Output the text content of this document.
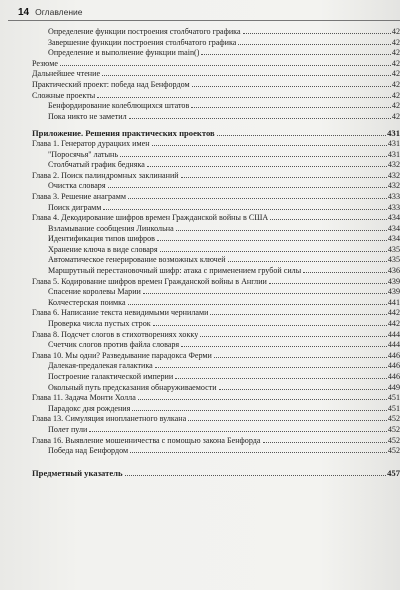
14 Оглавление
Определение функции построения столбчатого графика	42
Завершение функции построения столбчатого графика	42
Определение и выполнение функции main()	42
Резюме	42
Дальнейшее чтение	42
Практический проект: победа над Бенфордом	42
Сложные проекты	42
Бенфордирование колеблющихся штатов	42
Пока никто не заметил	42
Приложение. Решения практических проектов	431
Глава 1. Генератор дурацких имен	431
"Поросячья" латынь	431
Столбчатый график бедняка	432
Глава 2. Поиск палиндромных заклинаний	432
Очистка словаря	432
Глава 3. Решение анаграмм	433
Поиск диграмм	433
Глава 4. Декодирование шифров времен Гражданской войны в США	434
Взламывание сообщения Линкольна	434
Идентификация типов шифров	434
Хранение ключа в виде словаря	435
Автоматическое генерирование возможных ключей	435
Маршрутный перестановочный шифр: атака с применением грубой силы	436
Глава 5. Кодирование шифров времен Гражданской войны в Англии	439
Спасение королевы Марии	439
Колчестерская поимка	441
Глава 6. Написание текста невидимыми чернилами	442
Проверка числа пустых строк	442
Глава 8. Подсчет слогов в стихотворениях хокку	444
Счетчик слогов против файла словаря	444
Глава 10. Мы одни? Разведывание парадокса Ферми	446
Далекая-предалекая галактика	446
Построение галактической империи	446
Окольный путь предсказания обнаруживаемости	449
Глава 11. Задача Монти Холла	451
Парадокс дня рождения	451
Глава 13. Симуляция инопланетного вулкана	452
Полет пули	452
Глава 16. Выявление мошенничества с помощью закона Бенфорда	452
Победа над Бенфордом	452
Предметный указатель	457
